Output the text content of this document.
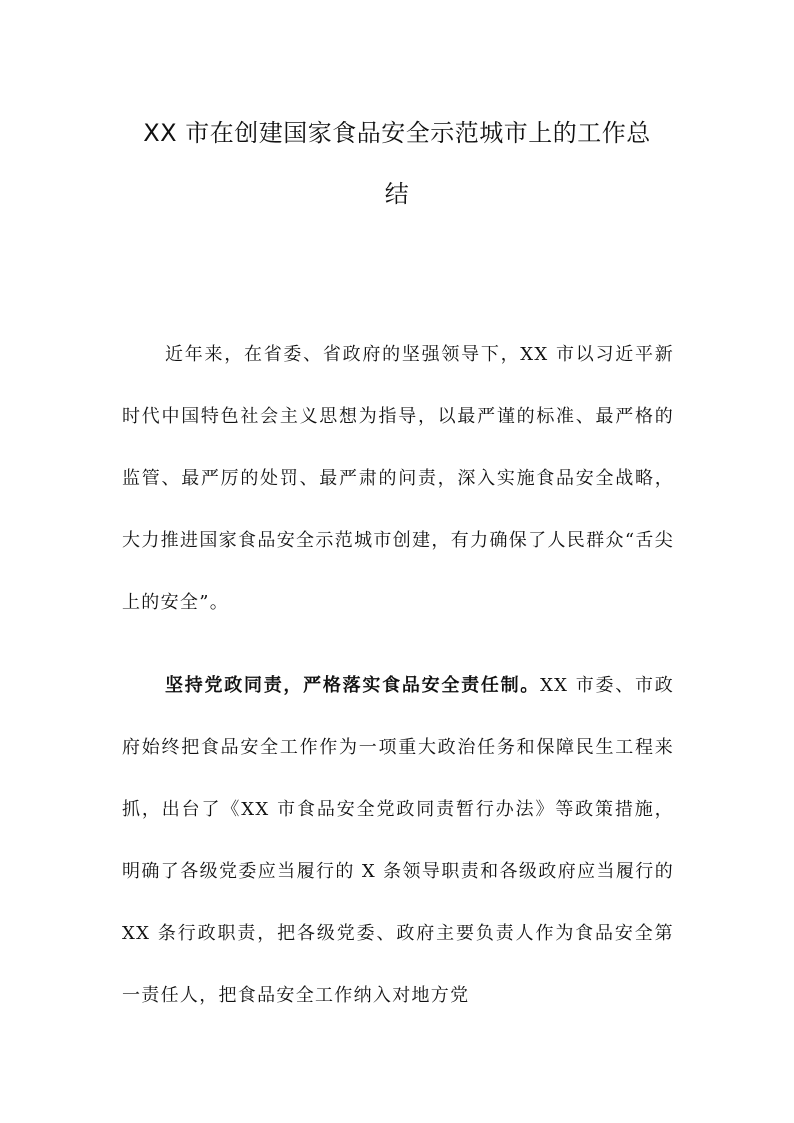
XX 市在创建国家食品安全示范城市上的工作总
结

近年来，在省委、省政府的坚强领导下，XX 市以习近平新时代中国特色社会主义思想为指导，以最严谨的标准、最严格的监管、最严厉的处罚、最严肃的问责，深入实施食品安全战略，大力推进国家食品安全示范城市创建，有力确保了人民群众“舌尖上的安全”。

坚持党政同责，严格落实食品安全责任制。XX 市委、市政府始终把食品安全工作作为一项重大政治任务和保障民生工程来抓，出台了《XX 市食品安全党政同责暂行办法》等政策措施，明确了各级党委应当履行的 X 条领导职责和各级政府应当履行的 XX 条行政职责，把各级党委、政府主要负责人作为食品安全第一责任人，把食品安全工作纳入对地方党
